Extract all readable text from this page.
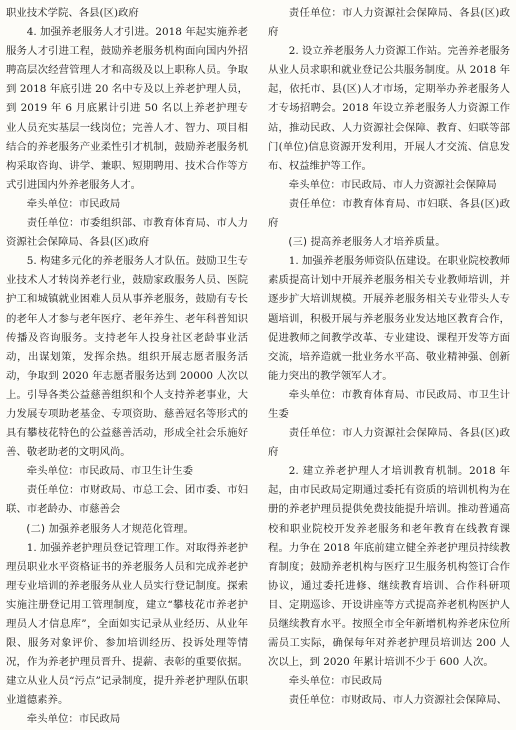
职业技术学院、各县(区)政府

4. 加强养老服务人才引进。2018 年起实施养老服务人才引进工程，鼓励养老服务机构面向国内外招聘高层次经营管理人才和高级及以上职称人员。争取到 2018 年底引进 20 名中专及以上养老护理人员，到 2019 年 6 月底累计引进 50 名以上养老护理专业人员充实基层一线岗位；完善人才、智力、项目相结合的养老服务产业柔性引才机制，鼓励养老服务机构采取咨询、讲学、兼职、短期聘用、技术合作等方式引进国内外养老服务人才。

牵头单位：市民政局

责任单位：市委组织部、市教育体育局、市人力资源社会保障局、各县(区)政府

5. 构建多元化的养老服务人才队伍。鼓励卫生专业技术人才转岗养老行业，鼓励家政服务人员、医院护工和城镇就业困难人员从事养老服务，鼓励有专长的老年人才参与老年医疗、老年养生、老年科普知识传播及咨询服务。支持老年人投身社区老龄事业活动，出谋划策，发挥余热。组织开展志愿者服务活动，争取到 2020 年志愿者服务达到 20000 人次以上。引导各类公益慈善组织和个人支持养老事业，大力发展专项助老基金、专项资助、慈善冠名等形式的具有攀枝花特色的公益慈善活动，形成全社会乐施好善、敬老助老的文明风尚。

牵头单位：市民政局、市卫生计生委

责任单位：市财政局、市总工会、团市委、市妇联、市老龄办、市慈善会

(二) 加强养老服务人才规范化管理。

1. 加强养老护理员登记管理工作。对取得养老护理员职业水平资格证书的养老服务人员和完成养老护理专业培训的养老服务从业人员实行登记制度。探索实施注册登记用工管理制度，建立“攀枝花市养老护理员人才信息库”，全面如实记录从业经历、从业年限、服务对象评价、参加培训经历、投诉处理等情况，作为养老护理员晋升、提薪、表彰的重要依据。建立从业人员“污点”记录制度，提升养老护理队伍职业道德素养。

牵头单位：市民政局

责任单位：市人力资源社会保障局、各县(区)政府

2. 设立养老服务人力资源工作站。完善养老服务从业人员求职和就业登记公共服务制度。从 2018 年起，依托市、县(区)人才市场，定期举办养老服务人才专场招聘会。2018 年设立养老服务人力资源工作站，推动民政、人力资源社会保障、教育、妇联等部门(单位)信息资源开发利用，开展人才交流、信息发布、权益维护等工作。

牵头单位：市民政局、市人力资源社会保障局

责任单位：市教育体育局、市妇联、各县(区)政府

(三) 提高养老服务人才培养质量。

1. 加强养老服务师资队伍建设。在职业院校教师素质提高计划中开展养老服务相关专业教师培训，并逐步扩大培训规模。开展养老服务相关专业带头人专题培训，积极开展与养老服务业发达地区教育合作，促进教师之间教学改革、专业建设、课程开发等方面交流，培养造就一批业务水平高、敬业精神强、创新能力突出的教学领军人才。

牵头单位：市教育体育局、市民政局、市卫生计生委

责任单位：市人力资源社会保障局、各县(区)政府

2. 建立养老护理人才培训教育机制。2018 年起，由市民政局定期通过委托有资质的培训机构为在册的养老护理员提供免费技能提升培训。推动普通高校和职业院校开发养老服务和老年教育在线教育课程。力争在 2018 年底前建立健全养老护理员持续教育制度；鼓励养老机构与医疗卫生服务机构签订合作协议，通过委托进修、继续教育培训、合作科研项目、定期巡诊、开设讲座等方式提高养老机构医护人员继续教育水平。按照全市全年新增机构养老床位所需员工实际，确保每年对养老护理员培训达 200 人次以上，到 2020 年累计培训不少于 600 人次。

牵头单位：市民政局

责任单位：市财政局、市人力资源社会保障局、
